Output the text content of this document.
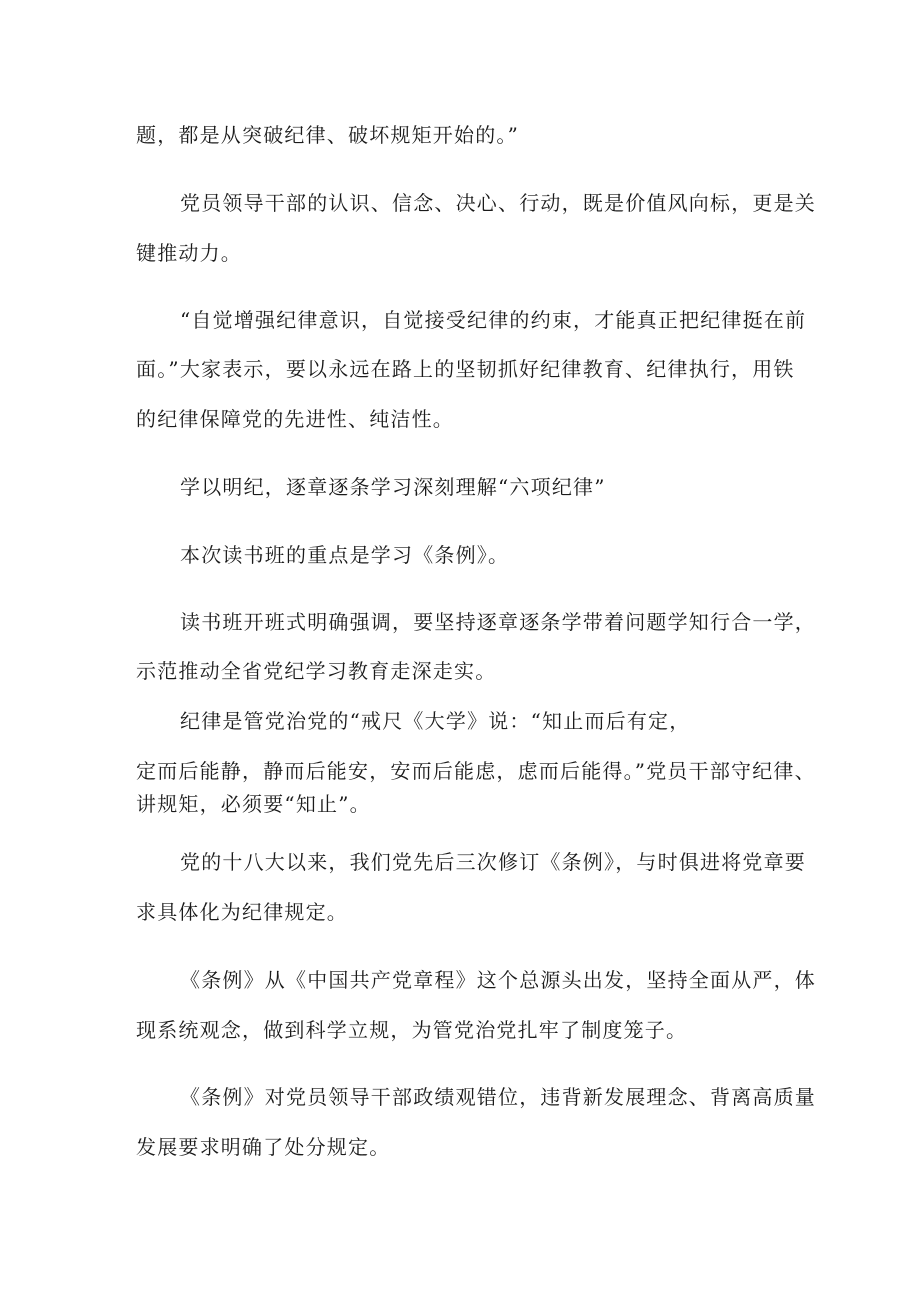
题，都是从突破纪律、破坏规矩开始的。”
党员领导干部的认识、信念、决心、行动，既是价值风向标，更是关
键推动力。
“自觉增强纪律意识，自觉接受纪律的约束，才能真正把纪律挺在前
面。”大家表示，要以永远在路上的坚韧抓好纪律教育、纪律执行，用铁
的纪律保障党的先进性、纯洁性。
学以明纪，逐章逐条学习深刻理解“六项纪律”
本次读书班的重点是学习《条例》。
读书班开班式明确强调，要坚持逐章逐条学带着问题学知行合一学，
示范推动全省党纪学习教育走深走实。
纪律是管党治党的“戒尺《大学》说：“知止而后有定，
定而后能静，静而后能安，安而后能虑，虑而后能得。”党员干部守纪律、
讲规矩，必须要“知止”。
党的十八大以来，我们党先后三次修订《条例》，与时俱进将党章要
求具体化为纪律规定。
《条例》从《中国共产党章程》这个总源头出发，坚持全面从严，体
现系统观念，做到科学立规，为管党治党扎牢了制度笼子。
《条例》对党员领导干部政绩观错位，违背新发展理念、背离高质量
发展要求明确了处分规定。
